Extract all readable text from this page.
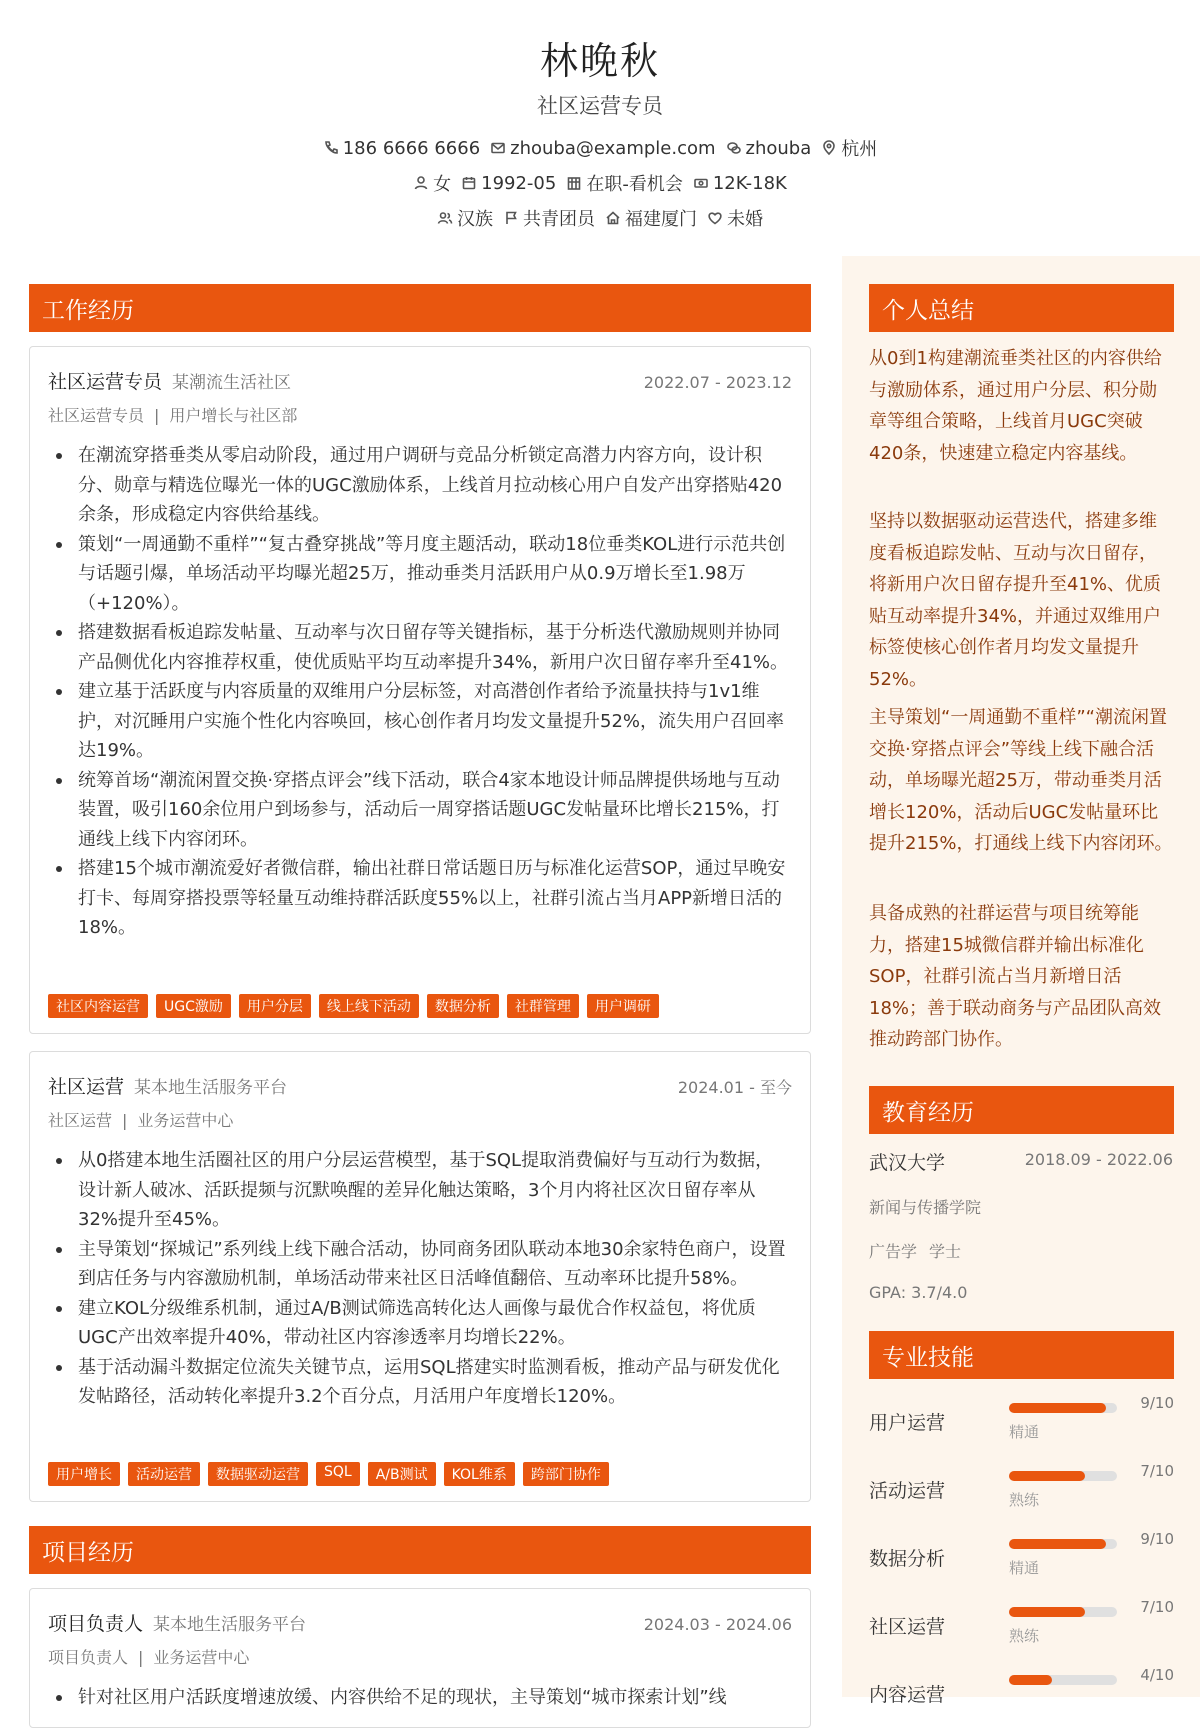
林晚秋
社区运营专员
186 6666 6666 zhouba@example.com zhouba 杭州
女 1992-05 在职-看机会 12K-18K
汉族 共青团员 福建厦门 未婚
工作经历
社区运营专员 某潮流生活社区	2022.07 - 2023.12
社区运营专员 | 用户增长与社区部
在潮流穿搭垂类从零启动阶段，通过用户调研与竞品分析锁定高潜力内容方向，设计积分、勋章与精选位曝光一体的UGC激励体系，上线首月拉动核心用户自发产出穿搭贴420余条，形成稳定内容供给基线。
策划“一周通勤不重样”“复古叠穿挑战”等月度主题活动，联动18位垂类KOL进行示范共创与话题引爆，单场活动平均曝光超25万，推动垂类月活跃用户从0.9万增长至1.98万（+120%）。
搭建数据看板追踪发帖量、互动率与次日留存等关键指标，基于分析迭代激励规则并协同产品侧优化内容推荐权重，使优质贴平均互动率提升34%，新用户次日留存率升至41%。
建立基于活跃度与内容质量的双维用户分层标签，对高潜创作者给予流量扶持与1v1维护，对沉睡用户实施个性化内容唤回，核心创作者月均发文量提升52%，流失用户召回率达19%。
统筹首场“潮流闲置交换·穿搭点评会”线下活动，联合4家本地设计师品牌提供场地与互动装置，吸引160余位用户到场参与，活动后一周穿搭话题UGC发帖量环比增长215%，打通线上线下内容闭环。
搭建15个城市潮流爱好者微信群，输出社群日常话题日历与标准化运营SOP，通过早晚安打卡、每周穿搭投票等轻量互动维持群活跃度55%以上，社群引流占当月APP新增日活的18%。
社区内容运营	UGC激励	用户分层	线上线下活动	数据分析	社群管理	用户调研
社区运营 某本地生活服务平台	2024.01 - 至今
社区运营 | 业务运营中心
从0搭建本地生活圈社区的用户分层运营模型，基于SQL提取消费偏好与互动行为数据，设计新人破冰、活跃提频与沉默唤醒的差异化触达策略，3个月内将社区次日留存率从32%提升至45%。
主导策划“探城记”系列线上线下融合活动，协同商务团队联动本地30余家特色商户，设置到店任务与内容激励机制，单场活动带来社区日活峰值翻倍、互动率环比提升58%。
建立KOL分级维系机制，通过A/B测试筛选高转化达人画像与最优合作权益包，将优质UGC产出效率提升40%，带动社区内容渗透率月均增长22%。
基于活动漏斗数据定位流失关键节点，运用SQL搭建实时监测看板，推动产品与研发优化发帖路径，活动转化率提升3.2个百分点，月活用户年度增长120%。
用户增长	活动运营	数据驱动运营	SQL	A/B测试	KOL维系	跨部门协作
项目经历
项目负责人 某本地生活服务平台	2024.03 - 2024.06
项目负责人 | 业务运营中心
针对社区用户活跃度增速放缓、内容供给不足的现状，主导策划“城市探索计划”线
个人总结
从0到1构建潮流垂类社区的内容供给与激励体系，通过用户分层、积分勋章等组合策略，上线首月UGC突破420条，快速建立稳定内容基线。
坚持以数据驱动运营迭代，搭建多维度看板追踪发帖、互动与次日留存，将新用户次日留存提升至41%、优质贴互动率提升34%，并通过双维用户标签使核心创作者月均发文量提升52%。
主导策划“一周通勤不重样”“潮流闲置交换·穿搭点评会”等线上线下融合活动，单场曝光超25万，带动垂类月活增长120%，活动后UGC发帖量环比提升215%，打通线上线下内容闭环。
具备成熟的社群运营与项目统筹能力，搭建15城微信群并输出标准化SOP，社群引流占当月新增日活18%；善于联动商务与产品团队高效推动跨部门协作。
教育经历
武汉大学	2018.09 - 2022.06
新闻与传播学院
广告学 学士
GPA: 3.7/4.0
专业技能
用户运营
9/10
精通
活动运营
7/10
熟练
数据分析
9/10
精通
社区运营
7/10
熟练
内容运营
4/10
